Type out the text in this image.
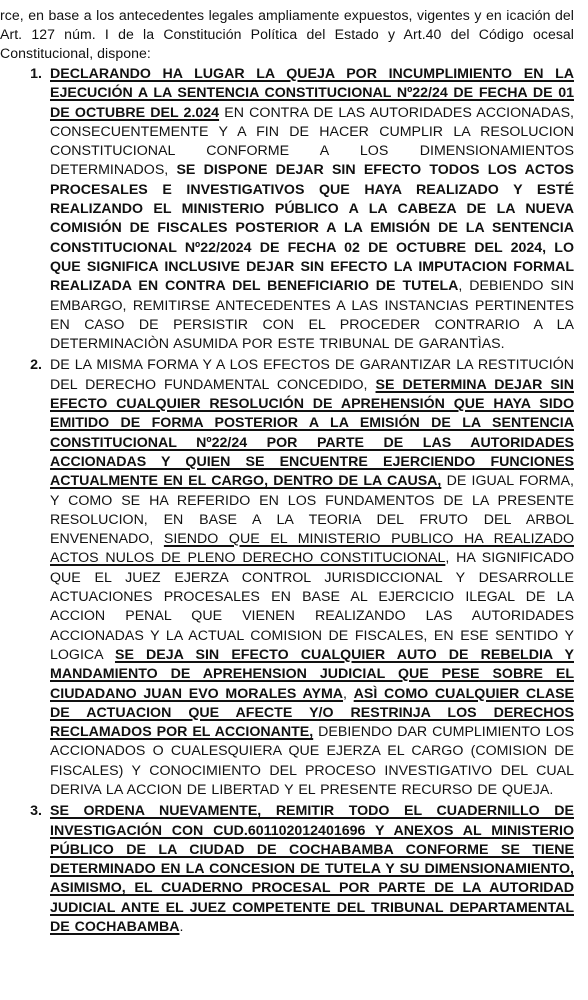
rce, en base a los antecedentes legales ampliamente expuestos, vigentes y en icación del Art. 127 núm. I de la Constitución Política del Estado y Art.40 del Código ocesal Constitucional, dispone:

1. DECLARANDO HA LUGAR LA QUEJA POR INCUMPLIMIENTO EN LA EJECUCIÓN A LA SENTENCIA CONSTITUCIONAL Nº22/24 DE FECHA DE 01 DE OCTUBRE DEL 2.024 EN CONTRA DE LAS AUTORIDADES ACCIONADAS, CONSECUENTEMENTE Y A FIN DE HACER CUMPLIR LA RESOLUCION CONSTITUCIONAL CONFORME A LOS DIMENSIONAMIENTOS DETERMINADOS, SE DISPONE DEJAR SIN EFECTO TODOS LOS ACTOS PROCESALES E INVESTIGATIVOS QUE HAYA REALIZADO Y ESTÉ REALIZANDO EL MINISTERIO PÚBLICO A LA CABEZA DE LA NUEVA COMISIÓN DE FISCALES POSTERIOR A LA EMISIÓN DE LA SENTENCIA CONSTITUCIONAL Nº22/2024 DE FECHA 02 DE OCTUBRE DEL 2024, LO QUE SIGNIFICA INCLUSIVE DEJAR SIN EFECTO LA IMPUTACION FORMAL REALIZADA EN CONTRA DEL BENEFICIARIO DE TUTELA, DEBIENDO SIN EMBARGO, REMITIRSE ANTECEDENTES A LAS INSTANCIAS PERTINENTES EN CASO DE PERSISTIR CON EL PROCEDER CONTRARIO A LA DETERMINACIÒN ASUMIDA POR ESTE TRIBUNAL DE GARANTÌAS.
2. DE LA MISMA FORMA Y A LOS EFECTOS DE GARANTIZAR LA RESTITUCIÓN DEL DERECHO FUNDAMENTAL CONCEDIDO, SE DETERMINA DEJAR SIN EFECTO CUALQUIER RESOLUCIÓN DE APREHENSIÓN QUE HAYA SIDO EMITIDO DE FORMA POSTERIOR A LA EMISIÓN DE LA SENTENCIA CONSTITUCIONAL Nº22/24 POR PARTE DE LAS AUTORIDADES ACCIONADAS Y QUIEN SE ENCUENTRE EJERCIENDO FUNCIONES ACTUALMENTE EN EL CARGO, DENTRO DE LA CAUSA, DE IGUAL FORMA, Y COMO SE HA REFERIDO EN LOS FUNDAMENTOS DE LA PRESENTE RESOLUCION, EN BASE A LA TEORIA DEL FRUTO DEL ARBOL ENVENENADO, SIENDO QUE EL MINISTERIO PUBLICO HA REALIZADO ACTOS NULOS DE PLENO DERECHO CONSTITUCIONAL, HA SIGNIFICADO QUE EL JUEZ EJERZA CONTROL JURISDICCIONAL Y DESARROLLE ACTUACIONES PROCESALES EN BASE AL EJERCICIO ILEGAL DE LA ACCION PENAL QUE VIENEN REALIZANDO LAS AUTORIDADES ACCIONADAS Y LA ACTUAL COMISION DE FISCALES, EN ESE SENTIDO Y LOGICA SE DEJA SIN EFECTO CUALQUIER AUTO DE REBELDIA Y MANDAMIENTO DE APREHENSION JUDICIAL QUE PESE SOBRE EL CIUDADANO JUAN EVO MORALES AYMA, ASÌ COMO CUALQUIER CLASE DE ACTUACION QUE AFECTE Y/O RESTRINJA LOS DERECHOS RECLAMADOS POR EL ACCIONANTE, DEBIENDO DAR CUMPLIMIENTO LOS ACCIONADOS O CUALESQUIERA QUE EJERZA EL CARGO (COMISION DE FISCALES) Y CONOCIMIENTO DEL PROCESO INVESTIGATIVO DEL CUAL DERIVA LA ACCION DE LIBERTAD Y EL PRESENTE RECURSO DE QUEJA.
3. SE ORDENA NUEVAMENTE, REMITIR TODO EL CUADERNILLO DE INVESTIGACIÓN CON CUD.601102012401696 Y ANEXOS AL MINISTERIO PÚBLICO DE LA CIUDAD DE COCHABAMBA CONFORME SE TIENE DETERMINADO EN LA CONCESION DE TUTELA Y SU DIMENSIONAMIENTO, ASIMISMO, EL CUADERNO PROCESAL POR PARTE DE LA AUTORIDAD JUDICIAL ANTE EL JUEZ COMPETENTE DEL TRIBUNAL DEPARTAMENTAL DE COCHABAMBA.
